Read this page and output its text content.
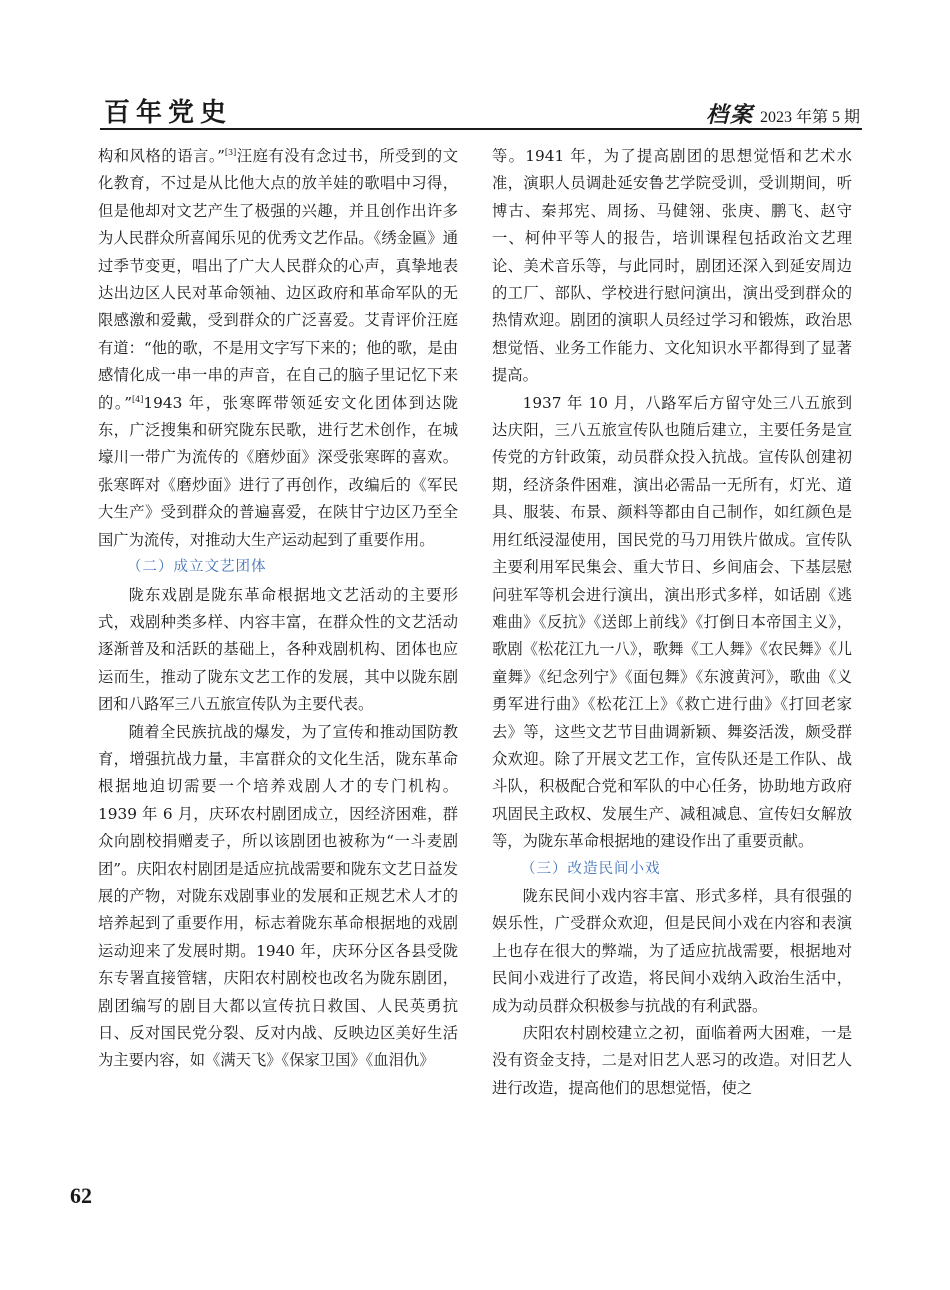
百年党史	档案 2023 年第 5 期

构和风格的语言。”[3]汪庭有没有念过书，所受到的文化教育，不过是从比他大点的放羊娃的歌唱中习得，但是他却对文艺产生了极强的兴趣，并且创作出许多为人民群众所喜闻乐见的优秀文艺作品。《绣金匾》通过季节变更，唱出了广大人民群众的心声，真挚地表达出边区人民对革命领袖、边区政府和革命军队的无限感激和爱戴，受到群众的广泛喜爱。艾青评价汪庭有道：“他的歌，不是用文字写下来的；他的歌，是由感情化成一串一串的声音，在自己的脑子里记忆下来的。”[4]1943 年，张寒晖带领延安文化团体到达陇东，广泛搜集和研究陇东民歌，进行艺术创作，在城壕川一带广为流传的《磨炒面》深受张寒晖的喜欢。张寒晖对《磨炒面》进行了再创作，改编后的《军民大生产》受到群众的普遍喜爱，在陕甘宁边区乃至全国广为流传，对推动大生产运动起到了重要作用。

（二）成立文艺团体

陇东戏剧是陇东革命根据地文艺活动的主要形式，戏剧种类多样、内容丰富，在群众性的文艺活动逐渐普及和活跃的基础上，各种戏剧机构、团体也应运而生，推动了陇东文艺工作的发展，其中以陇东剧团和八路军三八五旅宣传队为主要代表。

随着全民族抗战的爆发，为了宣传和推动国防教育，增强抗战力量，丰富群众的文化生活，陇东革命根据地迫切需要一个培养戏剧人才的专门机构。1939 年 6 月，庆环农村剧团成立，因经济困难，群众向剧校捐赠麦子，所以该剧团也被称为“一斗麦剧团”。庆阳农村剧团是适应抗战需要和陇东文艺日益发展的产物，对陇东戏剧事业的发展和正规艺术人才的培养起到了重要作用，标志着陇东革命根据地的戏剧运动迎来了发展时期。1940 年，庆环分区各县受陇东专署直接管辖，庆阳农村剧校也改名为陇东剧团，剧团编写的剧目大都以宣传抗日救国、人民英勇抗日、反对国民党分裂、反对内战、反映边区美好生活为主要内容，如《满天飞》《保家卫国》《血泪仇》

等。1941 年，为了提高剧团的思想觉悟和艺术水准，演职人员调赴延安鲁艺学院受训，受训期间，听博古、秦邦宪、周扬、马健翎、张庚、鹏飞、赵守一、柯仲平等人的报告，培训课程包括政治文艺理论、美术音乐等，与此同时，剧团还深入到延安周边的工厂、部队、学校进行慰问演出，演出受到群众的热情欢迎。剧团的演职人员经过学习和锻炼，政治思想觉悟、业务工作能力、文化知识水平都得到了显著提高。

1937 年 10 月，八路军后方留守处三八五旅到达庆阳，三八五旅宣传队也随后建立，主要任务是宣传党的方针政策，动员群众投入抗战。宣传队创建初期，经济条件困难，演出必需品一无所有，灯光、道具、服装、布景、颜料等都由自己制作，如红颜色是用红纸浸湿使用，国民党的马刀用铁片做成。宣传队主要利用军民集会、重大节日、乡间庙会、下基层慰问驻军等机会进行演出，演出形式多样，如话剧《逃难曲》《反抗》《送郎上前线》《打倒日本帝国主义》，歌剧《松花江九一八》，歌舞《工人舞》《农民舞》《儿童舞》《纪念列宁》《面包舞》《东渡黄河》，歌曲《义勇军进行曲》《松花江上》《救亡进行曲》《打回老家去》等，这些文艺节目曲调新颖、舞姿活泼，颇受群众欢迎。除了开展文艺工作，宣传队还是工作队、战斗队，积极配合党和军队的中心任务，协助地方政府巩固民主政权、发展生产、减租减息、宣传妇女解放等，为陇东革命根据地的建设作出了重要贡献。

（三）改造民间小戏

陇东民间小戏内容丰富、形式多样，具有很强的娱乐性，广受群众欢迎，但是民间小戏在内容和表演上也存在很大的弊端，为了适应抗战需要，根据地对民间小戏进行了改造，将民间小戏纳入政治生活中，成为动员群众积极参与抗战的有利武器。

庆阳农村剧校建立之初，面临着两大困难，一是没有资金支持，二是对旧艺人恶习的改造。对旧艺人进行改造，提高他们的思想觉悟，使之

62
